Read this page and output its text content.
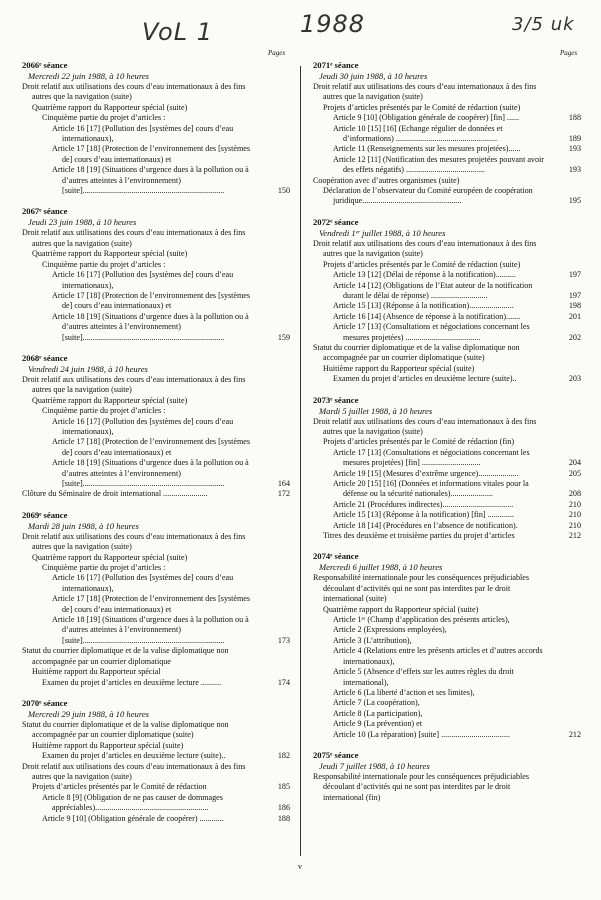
VoL 1	1988	3/5 uk
Pages	Pages
2066ᵉ séance
Mercredi 22 juin 1988, à 10 heures
Droit relatif aux utilisations des cours d’eau internationaux à des fins autres que la navigation (suite)
Quatrième rapport du Rapporteur spécial (suite)
Cinquième partie du projet d’articles :
Article 16 [17] (Pollution des [systèmes de] cours d’eau internationaux),
Article 17 [18] (Protection de l’environnement des [systèmes de] cours d’eau internationaux) et
Article 18 [19] (Situations d’urgence dues à la pollution ou à d’autres atteintes à l’environnement) [suite]......................................................................	150
2067ᵉ séance
Jeudi 23 juin 1988, à 10 heures
Droit relatif aux utilisations des cours d’eau internationaux à des fins autres que la navigation (suite)
Quatrième rapport du Rapporteur spécial (suite)
Cinquième partie du projet d’articles :
Article 16 [17] (Pollution des [systèmes de] cours d’eau internationaux),
Article 17 [18] (Protection de l’environnement des [systèmes de] cours d’eau internationaux) et
Article 18 [19] (Situations d’urgence dues à la pollution ou à d’autres atteintes à l’environnement) [suite]......................................................................	159
2068ᵉ séance
Vendredi 24 juin 1988, à 10 heures
Droit relatif aux utilisations des cours d’eau internationaux à des fins autres que la navigation (suite)
Quatrième rapport du Rapporteur spécial (suite)
Cinquième partie du projet d’articles :
Article 16 [17] (Pollution des [systèmes de] cours d’eau internationaux),
Article 17 [18] (Protection de l’environnement des [systèmes de] cours d’eau internationaux) et
Article 18 [19] (Situations d’urgence dues à la pollution ou à d’autres atteintes à l’environnement) [suite]......................................................................	164
Clôture du Séminaire de droit international ......................	172
2069ᵉ séance
Mardi 28 juin 1988, à 10 heures
Droit relatif aux utilisations des cours d’eau internationaux à des fins autres que la navigation (suite)
Quatrième rapport du Rapporteur spécial (suite)
Cinquième partie du projet d’articles :
Article 16 [17] (Pollution des [systèmes de] cours d’eau internationaux),
Article 17 [18] (Protection de l’environnement des [systèmes de] cours d’eau internationaux) et
Article 18 [19] (Situations d’urgence dues à la pollution ou à d’autres atteintes à l’environnement) [suite]......................................................................	173
Statut du courrier diplomatique et de la valise diplomatique non accompagnée par un courrier diplomatique
Huitième rapport du Rapporteur spécial
Examen du projet d’articles en deuxième lecture ..........	174
2070ᵉ séance
Mercredi 29 juin 1988, à 10 heures
Statut du courrier diplomatique et de la valise diplomatique non accompagnée par un courrier diplomatique (suite)
Huitième rapport du Rapporteur spécial (suite)
Examen du projet d’articles en deuxième lecture (suite)..	182
Droit relatif aux utilisations des cours d’eau internationaux à des fins autres que la navigation (suite)
Projets d’articles présentés par le Comité de rédaction	185
Article 8 [9] (Obligation de ne pas causer de dommages appréciables)........................................................	186
Article 9 [10] (Obligation générale de coopérer) ............	188
2071ᵉ séance
Jeudi 30 juin 1988, à 10 heures
Droit relatif aux utilisations des cours d’eau internationaux à des fins autres que la navigation (suite)
Projets d’articles présentés par le Comité de rédaction (suite)
Article 9 [10] (Obligation générale de coopérer) [fin] ......	188
Article 10 [15] [16] (Echange régulier de données et d’informations) ..................................................	189
Article 11 (Renseignements sur les mesures projetées)......	193
Article 12 [11] (Notification des mesures projetées pouvant avoir des effets négatifs) .......................................	193
Coopération avec d’autres organismes (suite)
Déclaration de l’observateur du Comité européen de coopération juridique.................................................	195
2072ᵉ séance
Vendredi 1ᵉʳ juillet 1988, à 10 heures
Droit relatif aux utilisations des cours d’eau internationaux à des fins autres que la navigation (suite)
Projets d’articles présentés par le Comité de rédaction (suite)
Article 13 [12] (Délai de réponse à la notification)..........	197
Article 14 [12] (Obligations de l’Etat auteur de la notification durant le délai de réponse) ............................	197
Article 15 [13] (Réponse à la notification)......................	198
Article 16 [14] (Absence de réponse à la notification).......	201
Article 17 [13] (Consultations et négociations concernant les mesures projetées) .....................................	202
Statut du courrier diplomatique et de la valise diplomatique non accompagnée par un courrier diplomatique (suite)
Huitième rapport du Rapporteur spécial (suite)
Examen du projet d’articles en deuxième lecture (suite)..	203
2073ᵉ séance
Mardi 5 juillet 1988, à 10 heures
Droit relatif aux utilisations des cours d’eau internationaux à des fins autres que la navigation (suite)
Projets d’articles présentés par le Comité de rédaction (fin)
Article 17 [13] (Consultations et négociations concernant les mesures projetées) [fin] .............................	204
Article 19 [15] (Mesures d’extrême urgence)....................	205
Article 20 [15] [16] (Données et informations vitales pour la défense ou la sécurité nationales).....................	208
Article 21 (Procédures indirectes)...................................	210
Article 15 [13] (Réponse à la notification) [fin] .............	210
Article 18 [14] (Procédures en l’absence de notification).	210
Titres des deuxième et troisième parties du projet d’articles	212
2074ᵉ séance
Mercredi 6 juillet 1988, à 10 heures
Responsabilité internationale pour les conséquences préjudiciables découlant d’activités qui ne sont pas interdites par le droit international (suite)
Quatrième rapport du Rapporteur spécial (suite)
Article 1ᵉʳ (Champ d’application des présents articles),
Article 2 (Expressions employées),
Article 3 (L’attribution),
Article 4 (Relations entre les présents articles et d’autres accords internationaux),
Article 5 (Absence d’effets sur les autres règles du droit international),
Article 6 (La liberté d’action et ses limites),
Article 7 (La coopération),
Article 8 (La participation),
Article 9 (La prévention) et
Article 10 (La réparation) [suite] ..................................	212
2075ᵉ séance
Jeudi 7 juillet 1988, à 10 heures
Responsabilité internationale pour les conséquences préjudiciables découlant d’activités qui ne sont pas interdites par le droit international (fin)
v
